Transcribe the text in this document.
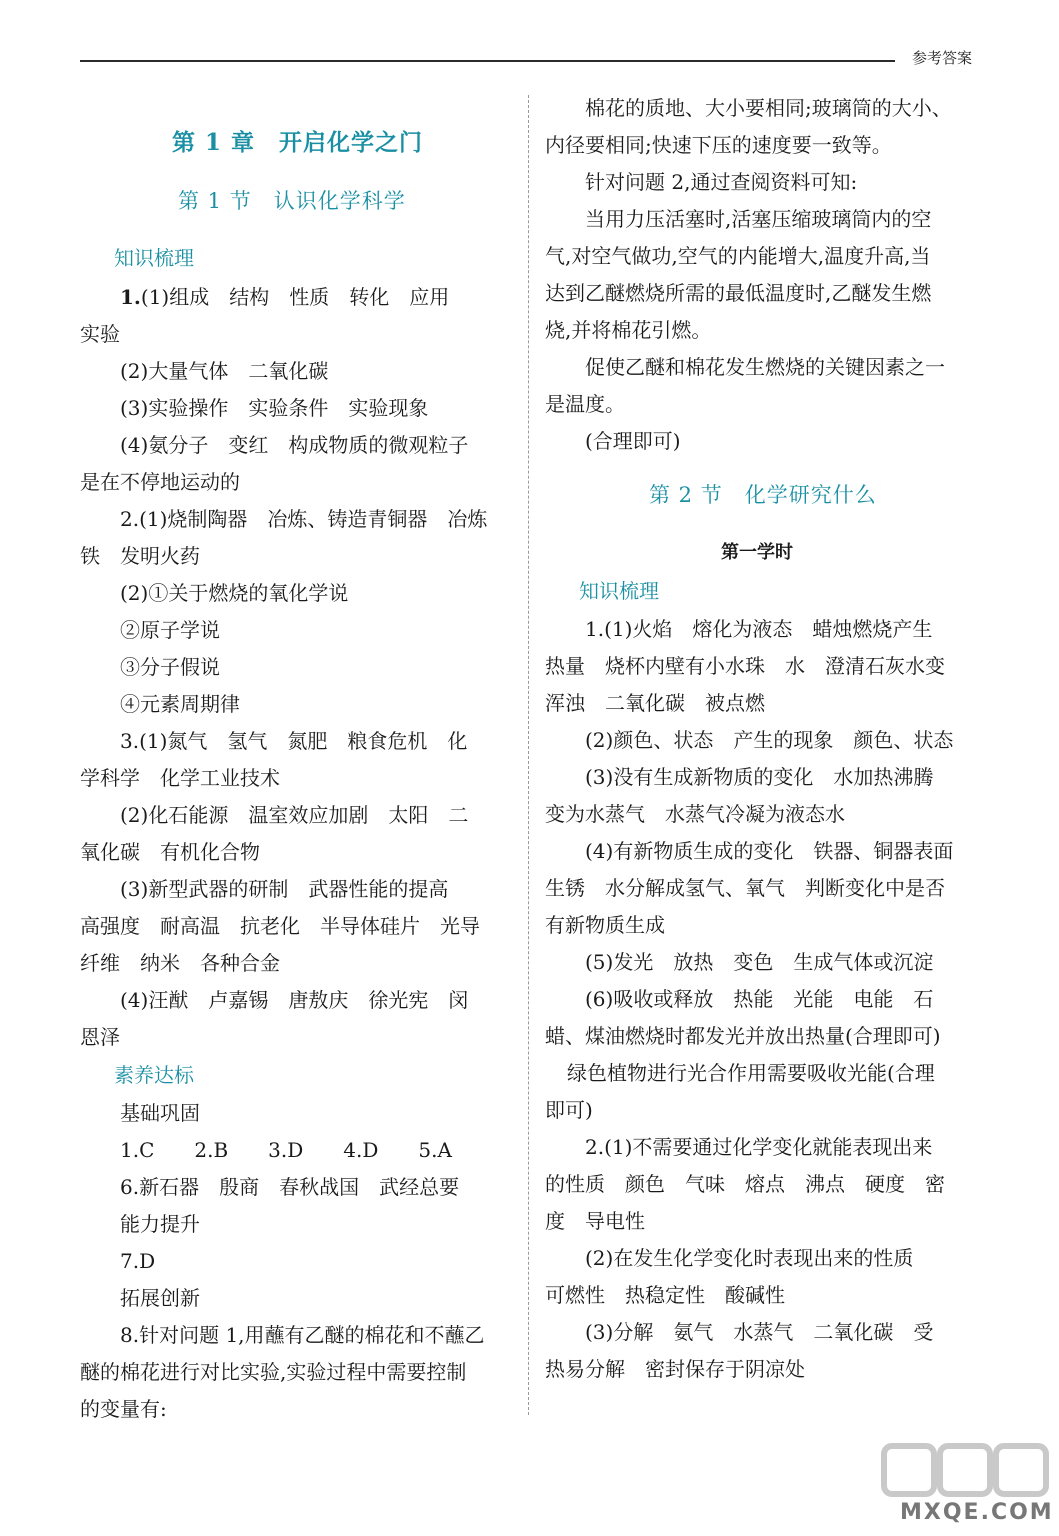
参考答案
第 1 章　开启化学之门
第 1 节　认识化学科学
知识梳理
1.(1)组成　结构　性质　转化　应用
实验
(2)大量气体　二氧化碳
(3)实验操作　实验条件　实验现象
(4)氨分子　变红　构成物质的微观粒子
是在不停地运动的
2.(1)烧制陶器　冶炼、铸造青铜器　冶炼
铁　发明火药
(2)①关于燃烧的氧化学说
②原子学说
③分子假说
④元素周期律
3.(1)氮气　氢气　氮肥　粮食危机　化
学科学　化学工业技术
(2)化石能源　温室效应加剧　太阳　二
氧化碳　有机化合物
(3)新型武器的研制　武器性能的提高
高强度　耐高温　抗老化　半导体硅片　光导
纤维　纳米　各种合金
(4)汪猷　卢嘉锡　唐敖庆　徐光宪　闵
恩泽
素养达标
基础巩固
1.C　　2.B　　3.D　　4.D　　5.A
6.新石器　殷商　春秋战国　武经总要
能力提升
7.D
拓展创新
8.针对问题 1,用蘸有乙醚的棉花和不蘸乙
醚的棉花进行对比实验,实验过程中需要控制
的变量有:
棉花的质地、大小要相同;玻璃筒的大小、
内径要相同;快速下压的速度要一致等。
针对问题 2,通过查阅资料可知:
当用力压活塞时,活塞压缩玻璃筒内的空
气,对空气做功,空气的内能增大,温度升高,当
达到乙醚燃烧所需的最低温度时,乙醚发生燃
烧,并将棉花引燃。
促使乙醚和棉花发生燃烧的关键因素之一
是温度。
(合理即可)
第 2 节　化学研究什么
第一学时
知识梳理
1.(1)火焰　熔化为液态　蜡烛燃烧产生
热量　烧杯内壁有小水珠　水　澄清石灰水变
浑浊　二氧化碳　被点燃
(2)颜色、状态　产生的现象　颜色、状态
(3)没有生成新物质的变化　水加热沸腾
变为水蒸气　水蒸气冷凝为液态水
(4)有新物质生成的变化　铁器、铜器表面
生锈　水分解成氢气、氧气　判断变化中是否
有新物质生成
(5)发光　放热　变色　生成气体或沉淀
(6)吸收或释放　热能　光能　电能　石
蜡、煤油燃烧时都发光并放出热量(合理即可)
绿色植物进行光合作用需要吸收光能(合理
即可)
2.(1)不需要通过化学变化就能表现出来
的性质　颜色　气味　熔点　沸点　硬度　密
度　导电性
(2)在发生化学变化时表现出来的性质
可燃性　热稳定性　酸碱性
(3)分解　氨气　水蒸气　二氧化碳　受
热易分解　密封保存于阴凉处
MXQE.COM
